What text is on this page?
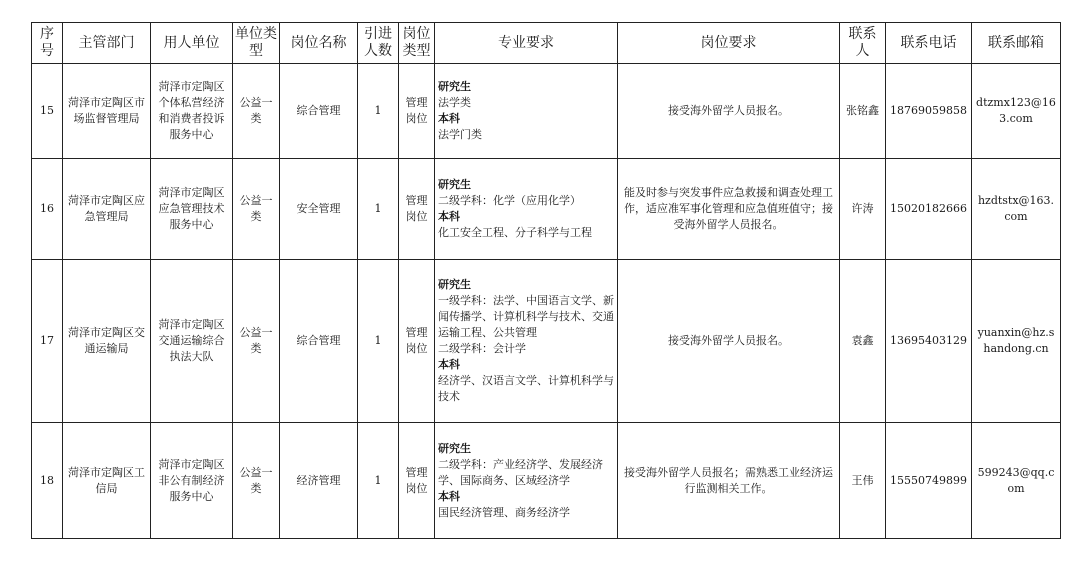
序号	主管部门	用人单位	单位类型	岗位名称	引进人数	岗位类型	专业要求	岗位要求	联系人	联系电话	联系邮箱
15	菏泽市定陶区市场监督管理局	菏泽市定陶区个体私营经济和消费者投诉服务中心	公益一类	综合管理	1	管理岗位	研究生
法学类
本科
法学门类	接受海外留学人员报名。	张铭鑫	18769059858	dtzmx123@163.com
16	菏泽市定陶区应急管理局	菏泽市定陶区应急管理技术服务中心	公益一类	安全管理	1	管理岗位	研究生
二级学科：化学（应用化学）
本科
化工安全工程、分子科学与工程	能及时参与突发事件应急救援和调查处理工作，适应准军事化管理和应急值班值守；接受海外留学人员报名。	许涛	15020182666	hzdtstx@163.com
17	菏泽市定陶区交通运输局	菏泽市定陶区交通运输综合执法大队	公益一类	综合管理	1	管理岗位	研究生
一级学科：法学、中国语言文学、新闻传播学、计算机科学与技术、交通运输工程、公共管理
二级学科：会计学
本科
经济学、汉语言文学、计算机科学与技术	接受海外留学人员报名。	袁鑫	13695403129	yuanxin@hz.shandong.cn
18	菏泽市定陶区工信局	菏泽市定陶区非公有制经济服务中心	公益一类	经济管理	1	管理岗位	研究生
二级学科：产业经济学、发展经济学、国际商务、区域经济学
本科
国民经济管理、商务经济学	接受海外留学人员报名；需熟悉工业经济运行监测相关工作。	王伟	15550749899	599243@qq.com
